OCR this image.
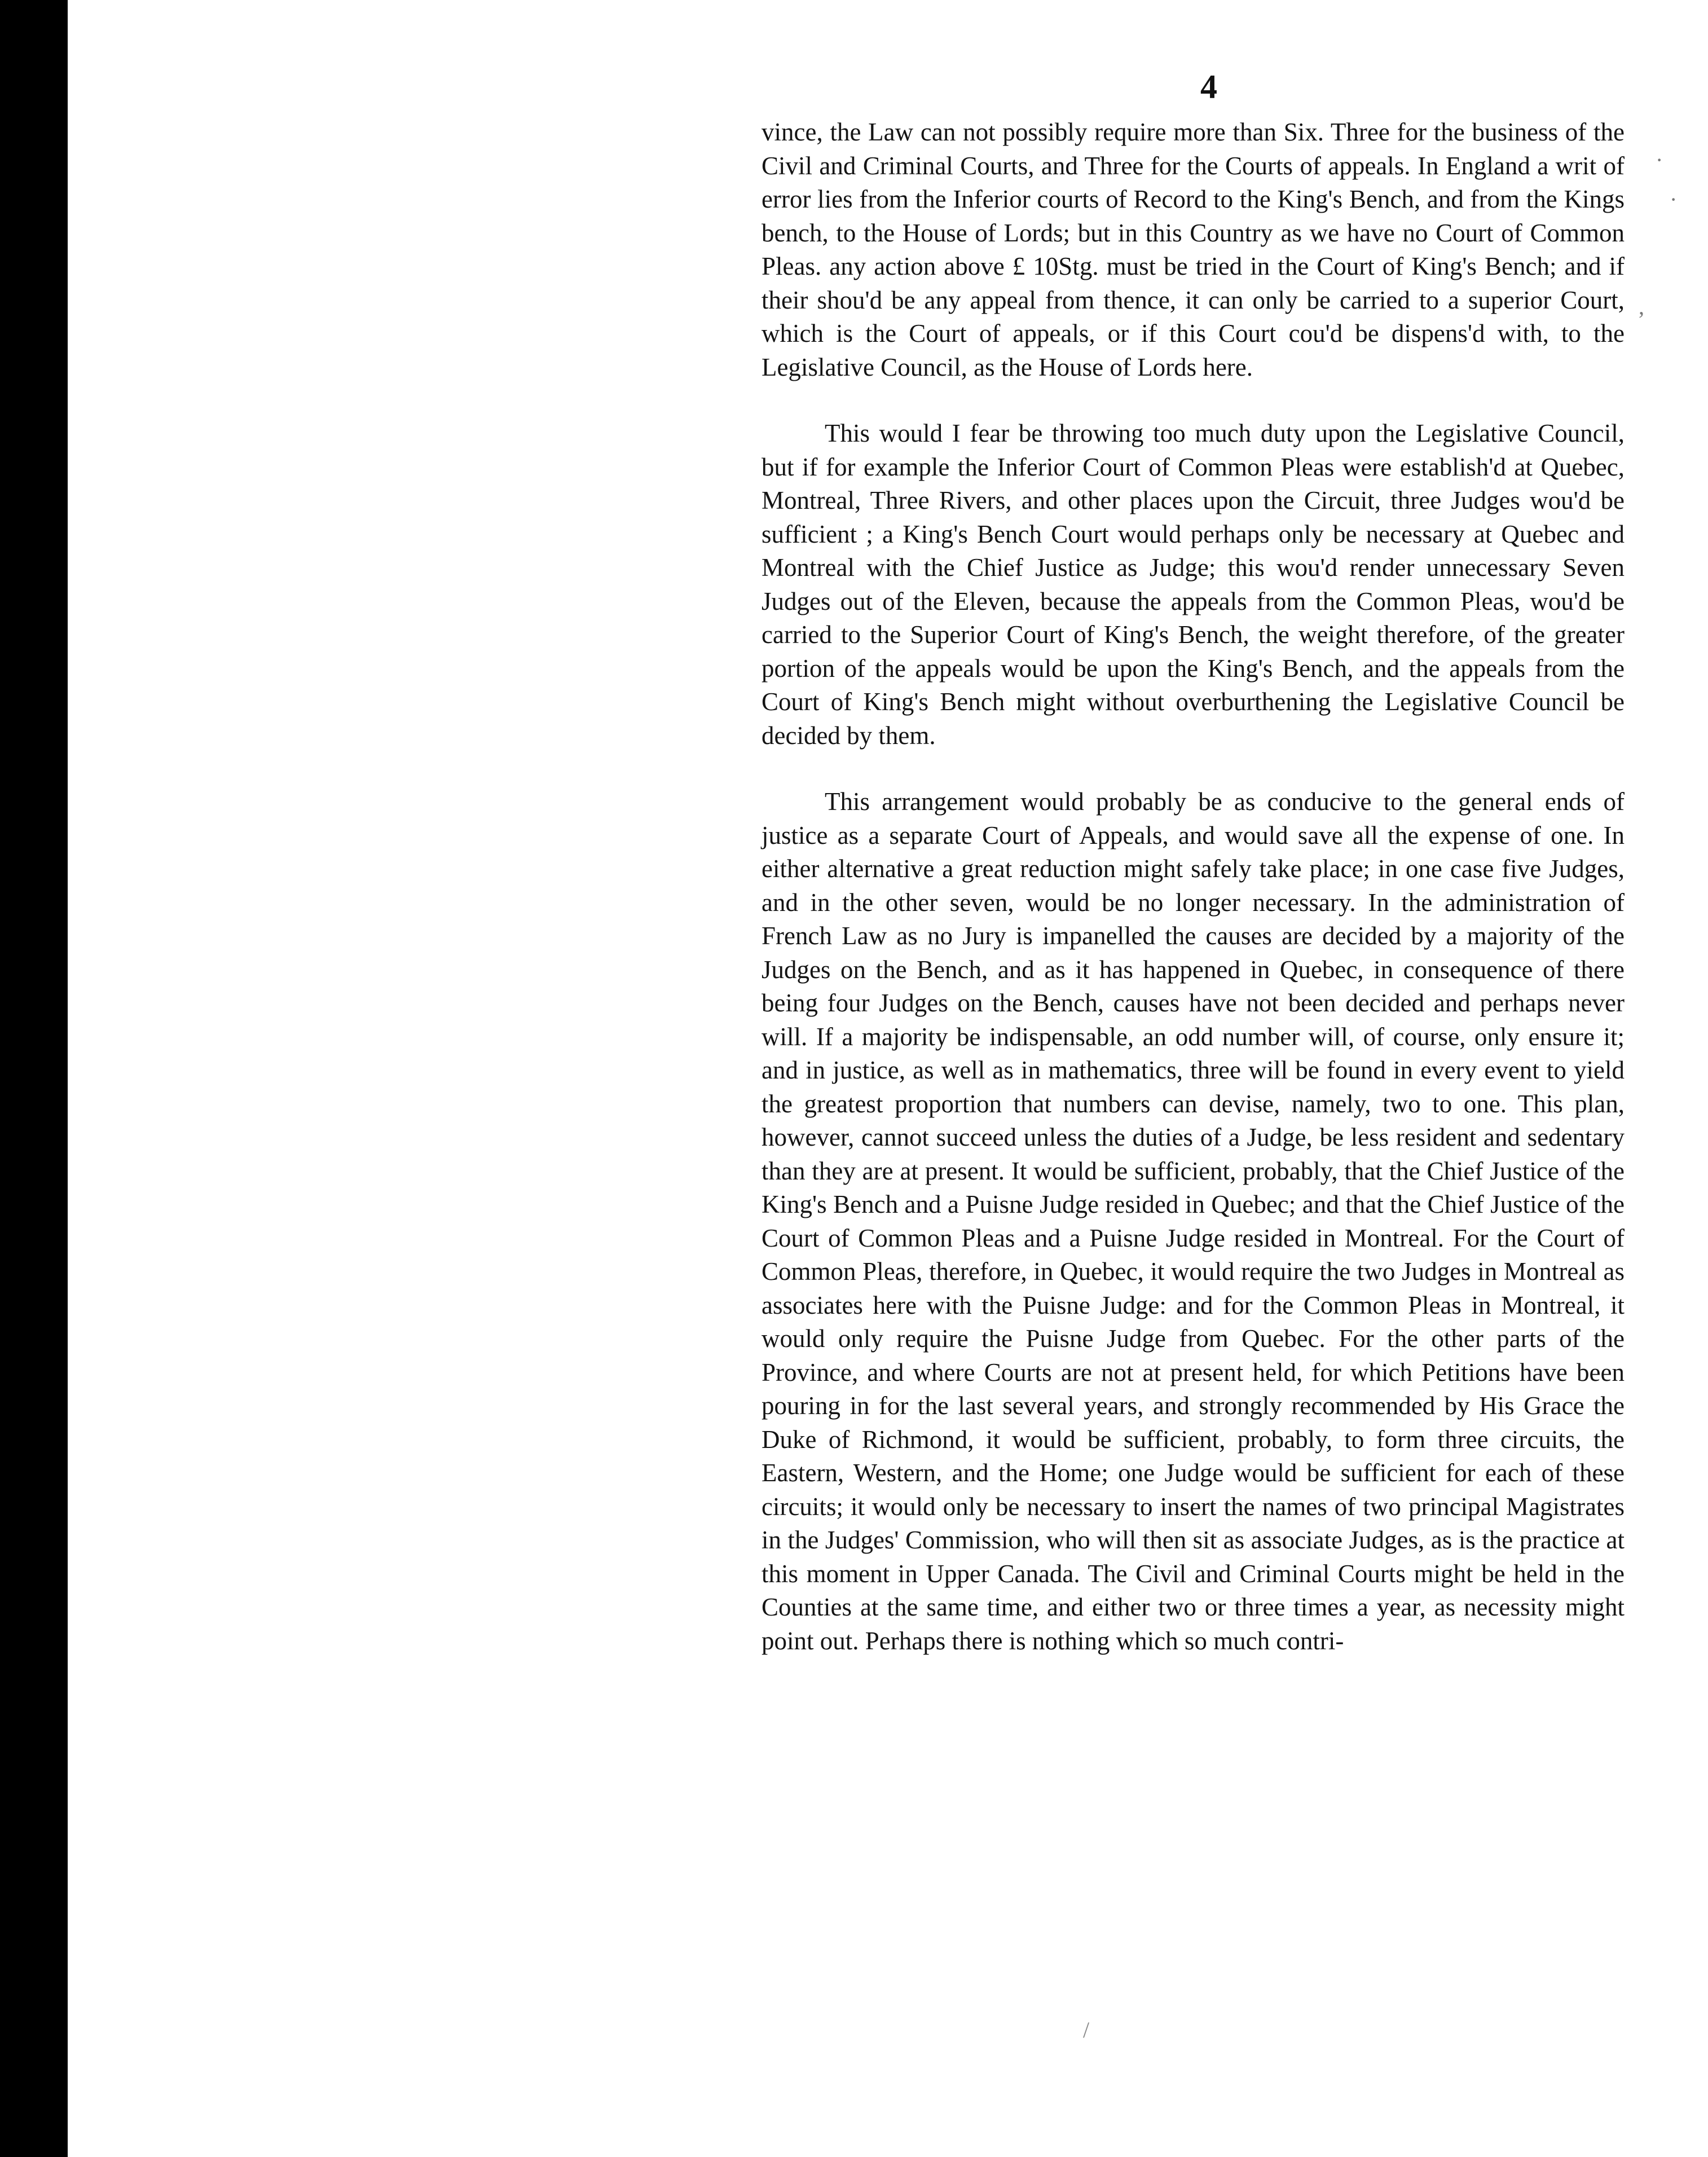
4

vince, the Law can not possibly require more than Six. Three for the business of the Civil and Criminal Courts, and Three for the Courts of appeals. In England a writ of error lies from the Inferior courts of Record to the King's Bench, and from the Kings bench, to the House of Lords; but in this Country as we have no Court of Common Pleas. any action above £ 10Stg. must be tried in the Court of King's Bench; and if their shou'd be any appeal from thence, it can only be carried to a superior Court, which is the Court of appeals, or if this Court cou'd be dispens'd with, to the Legislative Council, as the House of Lords here.

This would I fear be throwing too much duty upon the Legislative Council, but if for example the Inferior Court of Common Pleas were establish'd at Quebec, Montreal, Three Rivers, and other places upon the Circuit, three Judges wou'd be sufficient ; a King's Bench Court would perhaps only be necessary at Quebec and Montreal with the Chief Justice as Judge; this wou'd render unnecessary Seven Judges out of the Eleven, because the appeals from the Common Pleas, wou'd be carried to the Superior Court of King's Bench, the weight therefore, of the greater portion of the appeals would be upon the King's Bench, and the appeals from the Court of King's Bench might without overburthening the Legislative Council be decided by them.

This arrangement would probably be as conducive to the general ends of justice as a separate Court of Appeals, and would save all the expense of one. In either alternative a great reduction might safely take place; in one case five Judges, and in the other seven, would be no longer necessary. In the administration of French Law as no Jury is impanelled the causes are decided by a majority of the Judges on the Bench, and as it has happened in Quebec, in consequence of there being four Judges on the Bench, causes have not been decided and perhaps never will. If a majority be indispensable, an odd number will, of course, only ensure it; and in justice, as well as in mathematics, three will be found in every event to yield the greatest proportion that numbers can devise, namely, two to one. This plan, however, cannot succeed unless the duties of a Judge, be less resident and sedentary than they are at present. It would be sufficient, probably, that the Chief Justice of the King's Bench and a Puisne Judge resided in Quebec; and that the Chief Justice of the Court of Common Pleas and a Puisne Judge resided in Montreal. For the Court of Common Pleas, therefore, in Quebec, it would require the two Judges in Montreal as associates here with the Puisne Judge: and for the Common Pleas in Montreal, it would only require the Puisne Judge from Quebec. For the other parts of the Province, and where Courts are not at present held, for which Petitions have been pouring in for the last several years, and strongly recommended by His Grace the Duke of Richmond, it would be sufficient, probably, to form three circuits, the Eastern, Western, and the Home; one Judge would be sufficient for each of these circuits; it would only be necessary to insert the names of two principal Magistrates in the Judges' Commission, who will then sit as associate Judges, as is the practice at this moment in Upper Canada. The Civil and Criminal Courts might be held in the Counties at the same time, and either two or three times a year, as necessity might point out. Perhaps there is nothing which so much contri-

·
·
,
/
